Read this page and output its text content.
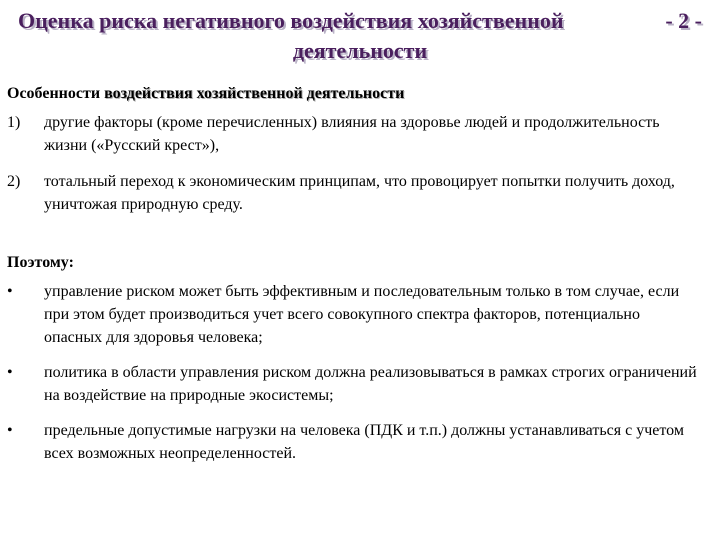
Оценка риска негативного воздействия хозяйственной	- 2 -
деятельности
Особенности воздействия хозяйственной деятельности
1) другие факторы (кроме перечисленных) влияния на здоровье людей и продолжительность жизни («Русский крест»),
2) тотальный переход к экономическим принципам, что провоцирует попытки получить доход, уничтожая природную среду.
Поэтому:
• управление риском может быть эффективным и последовательным только в том случае, если при этом будет производиться учет всего совокупного спектра факторов, потенциально опасных для здоровья человека;
• политика в области управления риском должна реализовываться в рамках строгих ограничений на воздействие на природные экосистемы;
• предельные допустимые нагрузки на человека (ПДК и т.п.) должны устанавливаться с учетом всех возможных неопределенностей.
